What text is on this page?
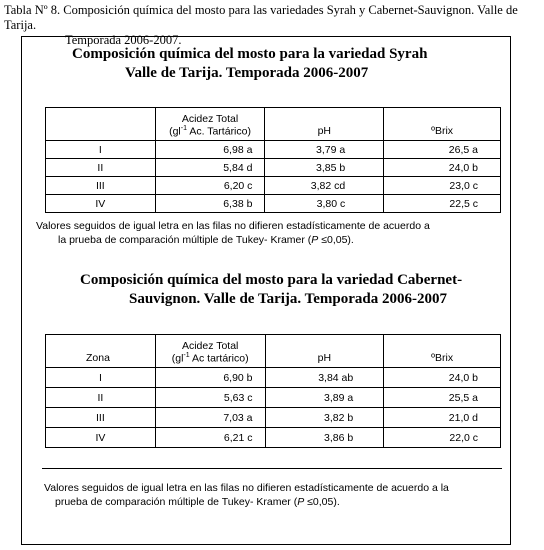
Tabla Nº 8. Composición química del mosto para las variedades Syrah y Cabernet-Sauvignon. Valle de Tarija.
Temporada 2006-2007.
Composición química del mosto para la variedad Syrah
Valle de Tarija. Temporada 2006-2007
	Acidez Total
($gl^{-1}$ Ac. Tartárico)	pH	ºBrix
I	6,98 a	3,79 a	26,5 a
II	5,84 d	3,85 b	24,0 b
III	6,20 c	3,82 cd	23,0 c
IV	6,38 b	3,80 c	22,5 c
Valores seguidos de igual letra en las filas no difieren estadísticamente de acuerdo a
la prueba de comparación múltiple de Tukey- Kramer (P ≤0,05).
Composición química del mosto para la variedad Cabernet-
Sauvignon. Valle de Tarija. Temporada 2006-2007
Zona	Acidez Total
($gl^{-1}$ Ac tartárico)	pH	ºBrix
I	6,90 b	3,84 ab	24,0 b
II	5,63 c	3,89 a	25,5 a
III	7,03 a	3,82 b	21,0 d
IV	6,21 c	3,86 b	22,0 c
Valores seguidos de igual letra en las filas no difieren estadísticamente de acuerdo a la
prueba de comparación múltiple de Tukey- Kramer (P ≤0,05).
